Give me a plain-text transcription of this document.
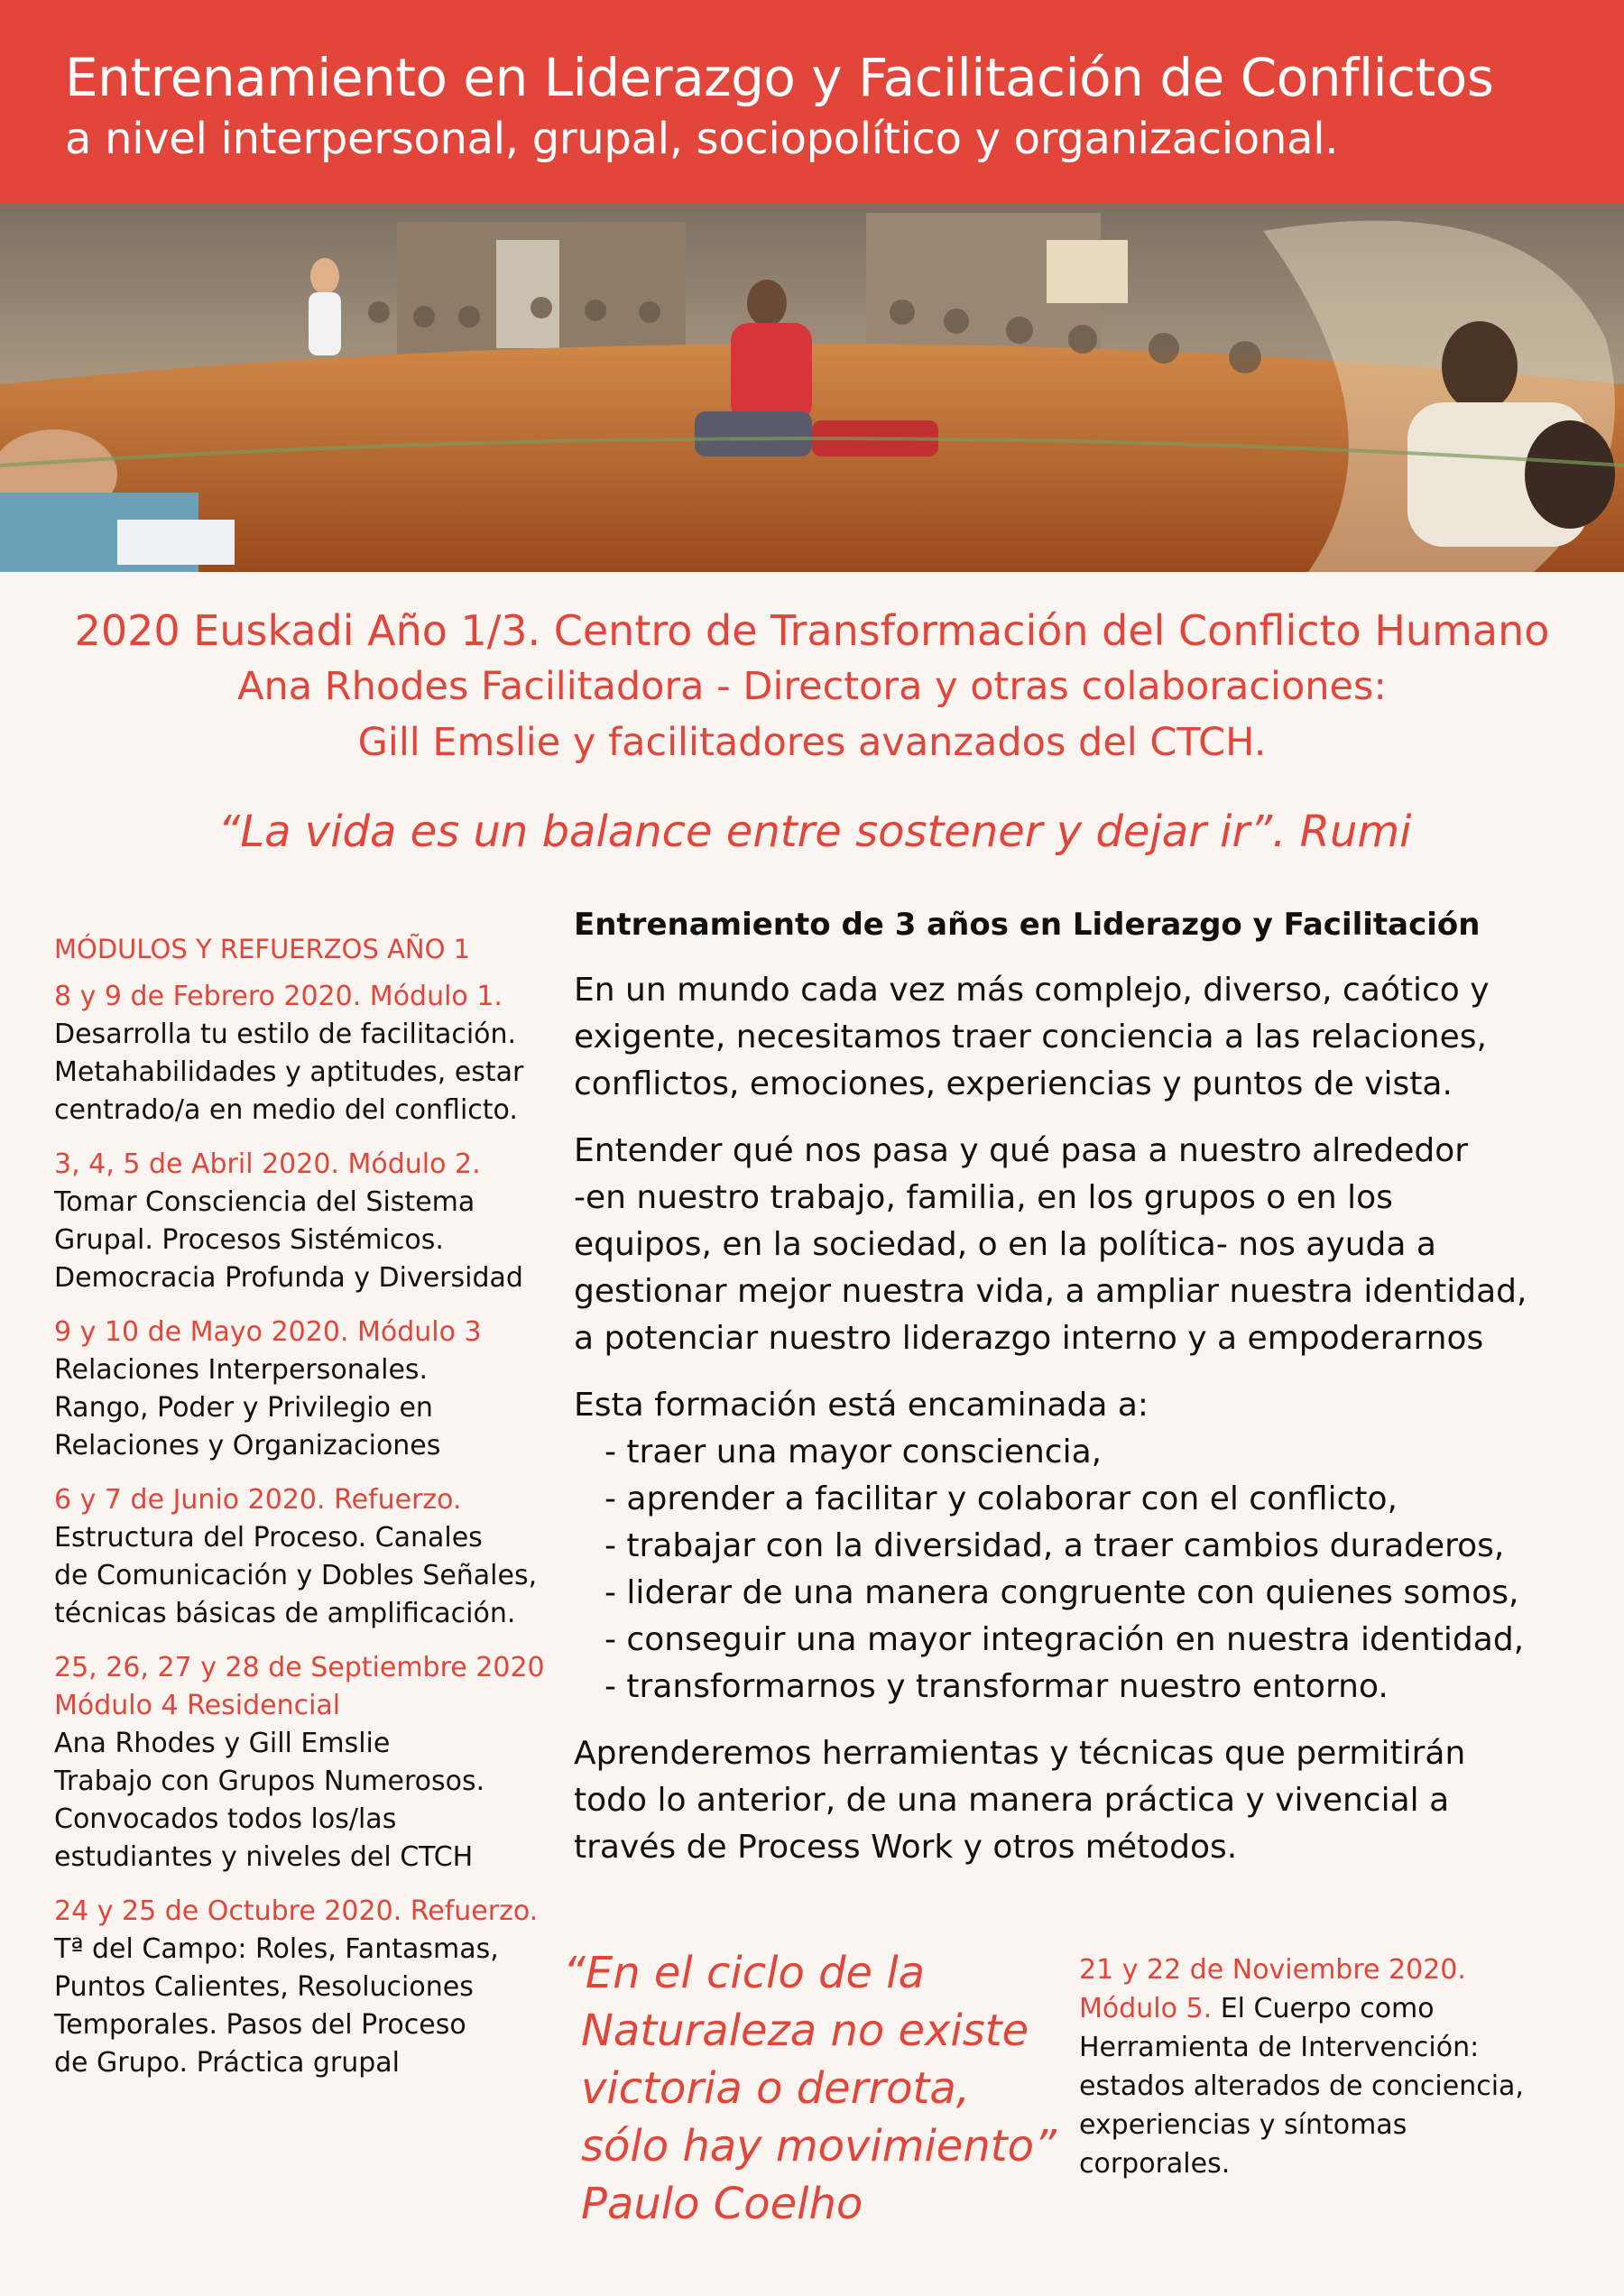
Entrenamiento en Liderazgo y Facilitación de Conflictos
a nivel interpersonal, grupal, sociopolítico y organizacional.
2020 Euskadi Año 1/3. Centro de Transformación del Conflicto Humano
Ana Rhodes Facilitadora - Directora y otras colaboraciones:
Gill Emslie y facilitadores avanzados del CTCH.
“La vida es un balance entre sostener y dejar ir”. Rumi
MÓDULOS Y REFUERZOS AÑO 1
8 y 9 de Febrero 2020. Módulo 1.
Desarrolla tu estilo de facilitación.
Metahabilidades y aptitudes, estar
centrado/a en medio del conflicto.
3, 4, 5 de Abril 2020. Módulo 2.
Tomar Consciencia del Sistema
Grupal. Procesos Sistémicos.
Democracia Profunda y Diversidad
9 y 10 de Mayo 2020. Módulo 3
Relaciones Interpersonales.
Rango, Poder y Privilegio en
Relaciones y Organizaciones
6 y 7 de Junio 2020. Refuerzo.
Estructura del Proceso. Canales
de Comunicación y Dobles Señales,
técnicas básicas de amplificación.
25, 26, 27 y 28 de Septiembre 2020
Módulo 4 Residencial
Ana Rhodes y Gill Emslie
Trabajo con Grupos Numerosos.
Convocados todos los/las
estudiantes y niveles del CTCH
24 y 25 de Octubre 2020. Refuerzo.
Tª del Campo: Roles, Fantasmas,
Puntos Calientes, Resoluciones
Temporales. Pasos del Proceso
de Grupo. Práctica grupal
Entrenamiento de 3 años en Liderazgo y Facilitación
En un mundo cada vez más complejo, diverso, caótico y
exigente, necesitamos traer conciencia a las relaciones,
conflictos, emociones, experiencias y puntos de vista.
Entender qué nos pasa y qué pasa a nuestro alrededor
-en nuestro trabajo, familia, en los grupos o en los
equipos, en la sociedad, o en la política- nos ayuda a
gestionar mejor nuestra vida, a ampliar nuestra identidad,
a potenciar nuestro liderazgo interno y a empoderarnos
Esta formación está encaminada a:
- traer una mayor consciencia,
- aprender a facilitar y colaborar con el conflicto,
- trabajar con la diversidad, a traer cambios duraderos,
- liderar de una manera congruente con quienes somos,
- conseguir una mayor integración en nuestra identidad,
- transformarnos y transformar nuestro entorno.
Aprenderemos herramientas y técnicas que permitirán
todo lo anterior, de una manera práctica y vivencial a
través de Process Work y otros métodos.
“En el ciclo de la
Naturaleza no existe
victoria o derrota,
sólo hay movimiento”
Paulo Coelho
21 y 22 de Noviembre 2020.
Módulo 5. El Cuerpo como
Herramienta de Intervención:
estados alterados de conciencia,
experiencias y síntomas
corporales.
